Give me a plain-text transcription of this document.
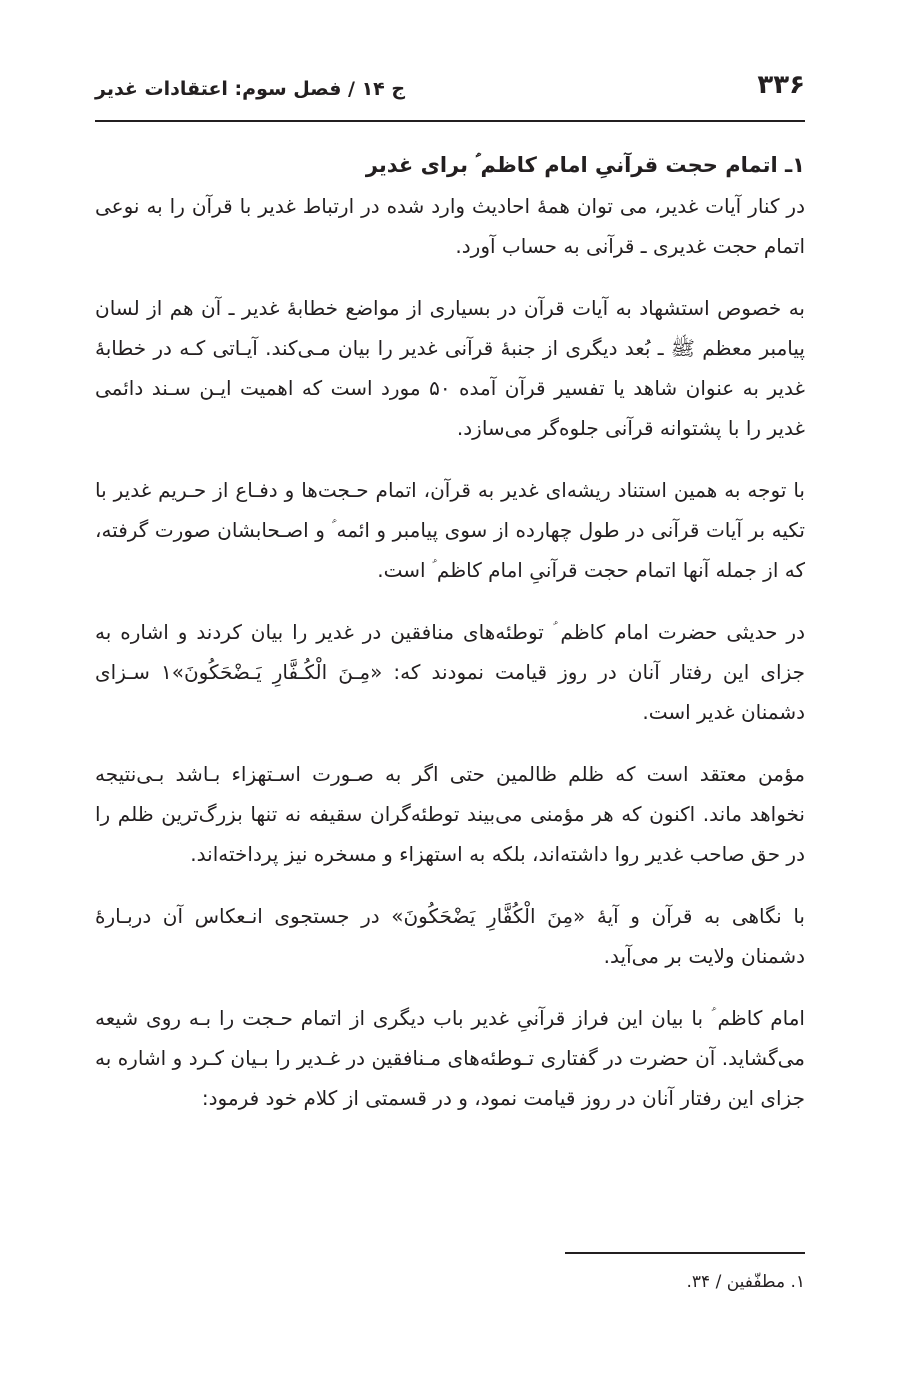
۳۳۶
ج ۱۴ / فصل سوم: اعتقادات غدیر
۱ـ اتمام حجت قرآنیِ امام کاظم ؑ برای غدیر

در کنار آیات غدیر، می توان همهٔ احادیث وارد شده در ارتباط غدیر با قرآن را به نوعی اتمام حجت غدیری ـ قرآنی به حساب آورد.

به خصوص استشهاد به آیات قرآن در بسیاری از مواضع خطابهٔ غدیر ـ آن هم از لسان پیامبر معظم ﷺ ـ بُعد دیگری از جنبهٔ قرآنی غدیر را بیان مـی‌کند. آیـاتی کـه در خطابهٔ غدیر به عنوان شاهد یا تفسیر قرآن آمده ۵۰ مورد است که اهمیت ایـن سـند دائمی غدیر را با پشتوانه قرآنی جلوه‌گر می‌سازد.

با توجه به همین استناد ریشه‌ای غدیر به قرآن، اتمام حـجت‌ها و دفـاع از حـریم غدیر با تکیه بر آیات قرآنی در طول چهارده از سوی پیامبر و ائمه ؑ و اصـحابشان صورت گرفته، که از جمله آنها اتمام حجت قرآنیِ امام کاظم ؑ است.

در حدیثی حضرت امام کاظم ؑ توطئه‌های منافقین در غدیر را بیان کردند و اشاره به جزای این رفتار آنان در روز قیامت نمودند که: «مِـنَ الْکُـفَّارِ یَـضْحَکُونَ»۱ سـزای دشمنان غدیر است.

مؤمن معتقد است که ظلم ظالمین حتی اگر به صـورت اسـتهزاء بـاشد بـی‌نتیجه نخواهد ماند. اکنون که هر مؤمنی می‌بیند توطئه‌گران سقیفه نه تنها بزرگ‌ترین ظلم را در حق صاحب غدیر روا داشته‌اند، بلکه به استهزاء و مسخره نیز پرداخته‌اند.

با نگاهی به قرآن و آیهٔ «مِنَ الْکُفَّارِ یَضْحَکُونَ» در جستجوی انـعکاس آن دربـارهٔ دشمنان ولایت بر می‌آید.

امام کاظم ؑ با بیان این فراز قرآنیِ غدیر باب دیگری از اتمام حـجت را بـه روی شیعه می‌گشاید. آن حضرت در گفتاری تـوطئه‌های مـنافقین در غـدیر را بـیان کـرد و اشاره به جزای این رفتار آنان در روز قیامت نمود، و در قسمتی از کلام خود فرمود:

۱. مطفّفین / ۳۴.
